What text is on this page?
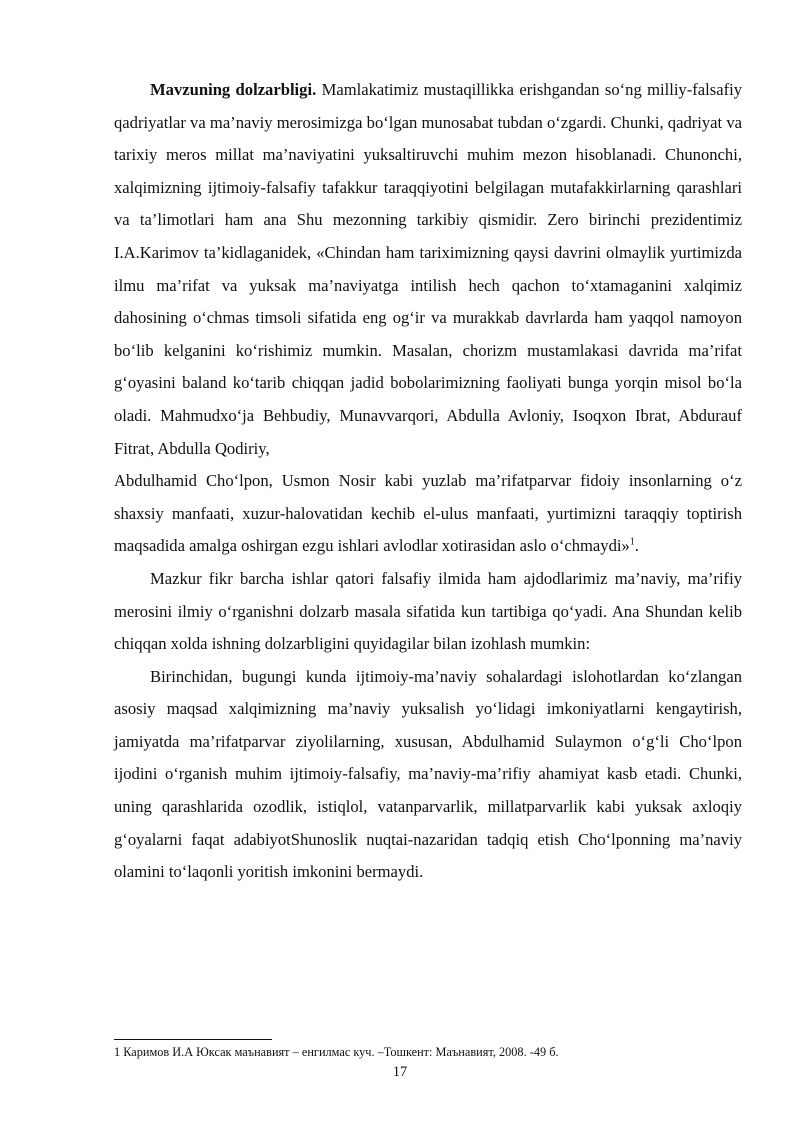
Mavzuning dolzarbligi. Mamlakatimiz mustaqillikka erishgandan so‘ng milliy-falsafiy qadriyatlar va ma’naviy merosimizga bo‘lgan munosabat tubdan o‘zgardi. Chunki, qadriyat va tarixiy meros millat ma’naviyatini yuksaltiruvchi muhim mezon hisoblanadi. Chunonchi, xalqimizning ijtimoiy-falsafiy tafakkur taraqqiyotini belgilagan mutafakkirlarning qarashlari va ta’limotlari ham ana Shu mezonning tarkibiy qismidir. Zero birinchi prezidentimiz I.A.Karimov ta’kidlaganidek, «Chindan ham tariximizning qaysi davrini olmaylik yurtimizda ilmu ma’rifat va yuksak ma’naviyatga intilish hech qachon to‘xtamaganini xalqimiz dahosining o‘chmas timsoli sifatida eng og‘ir va murakkab davrlarda ham yaqqol namoyon bo‘lib kelganini ko‘rishimiz mumkin. Masalan, chorizm mustamlakasi davrida ma’rifat g‘oyasini baland ko‘tarib chiqqan jadid bobolarimizning faoliyati bunga yorqin misol bo‘la oladi. Mahmudxo‘ja Behbudiy, Munavvarqori, Abdulla Avloniy, Isoqxon Ibrat, Abdurauf Fitrat, Abdulla Qodiriy,

Abdulhamid Cho‘lpon, Usmon Nosir kabi yuzlab ma’rifatparvar fidoiy insonlarning o‘z shaxsiy manfaati, xuzur-halovatidan kechib el-ulus manfaati, yurtimizni taraqqiy toptirish maqsadida amalga oshirgan ezgu ishlari avlodlar xotirasidan aslo o‘chmaydi»$^1$.

Mazkur fikr barcha ishlar qatori falsafiy ilmida ham ajdodlarimiz ma’naviy, ma’rifiy merosini ilmiy o‘rganishni dolzarb masala sifatida kun tartibiga qo‘yadi. Ana Shundan kelib chiqqan xolda ishning dolzarbligini quyidagilar bilan izohlash mumkin:

Birinchidan, bugungi kunda ijtimoiy-ma’naviy sohalardagi islohotlardan ko‘zlangan asosiy maqsad xalqimizning ma’naviy yuksalish yo‘lidagi imkoniyatlarni kengaytirish, jamiyatda ma’rifatparvar ziyolilarning, xususan, Abdulhamid Sulaymon o‘g‘li Cho‘lpon ijodini o‘rganish muhim ijtimoiy-falsafiy, ma’naviy-ma’rifiy ahamiyat kasb etadi. Chunki, uning qarashlarida ozodlik, istiqlol, vatanparvarlik, millatparvarlik kabi yuksak axloqiy g‘oyalarni faqat adabiyotShunoslik nuqtai-nazaridan tadqiq etish Cho‘lponning ma’naviy olamini to‘laqonli yoritish imkonini bermaydi.

1 Каримов И.А Юксак маънавият – енгилмас куч. –Тошкент: Маънавият, 2008. -49 б.

17
